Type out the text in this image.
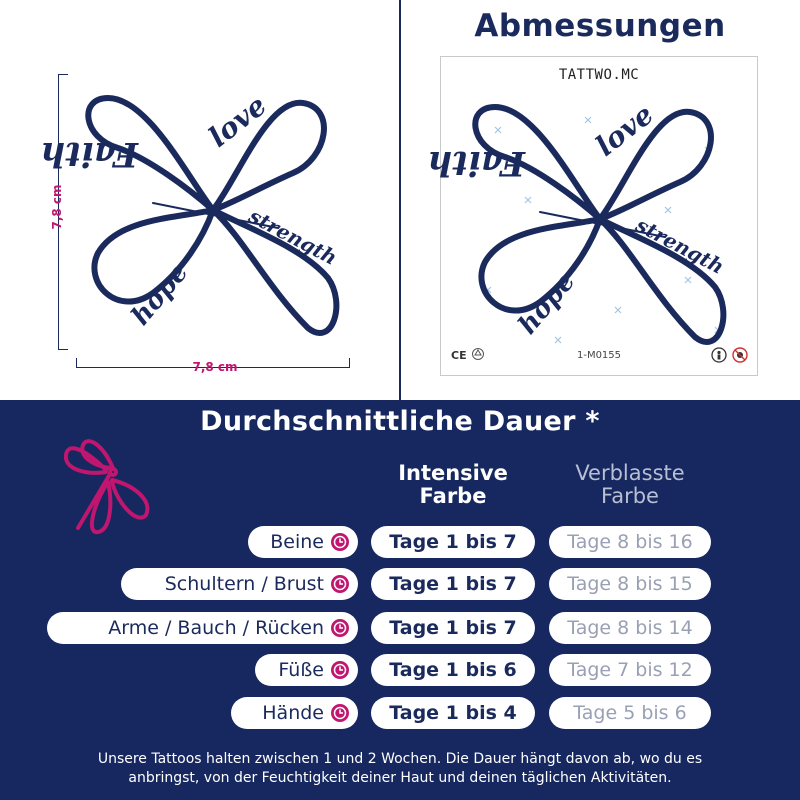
Faith
love
hope
strength
7,8 cm
7,8 cm
Abmessungen
TATTWO.MC
Faith
love
hope
strength
CE	1-M0155
Durchschnittliche Dauer *
Intensive
Farbe
Verblasste
Farbe
Beine	Tage 1 bis 7	Tage 8 bis 16
Schultern / Brust	Tage 1 bis 7	Tage 8 bis 15
Arme / Bauch / Rücken	Tage 1 bis 7	Tage 8 bis 14
Füße	Tage 1 bis 6	Tage 7 bis 12
Hände	Tage 1 bis 4	Tage 5 bis 6
Unsere Tattoos halten zwischen 1 und 2 Wochen. Die Dauer hängt davon ab, wo du es
anbringst, von der Feuchtigkeit deiner Haut und deinen täglichen Aktivitäten.
